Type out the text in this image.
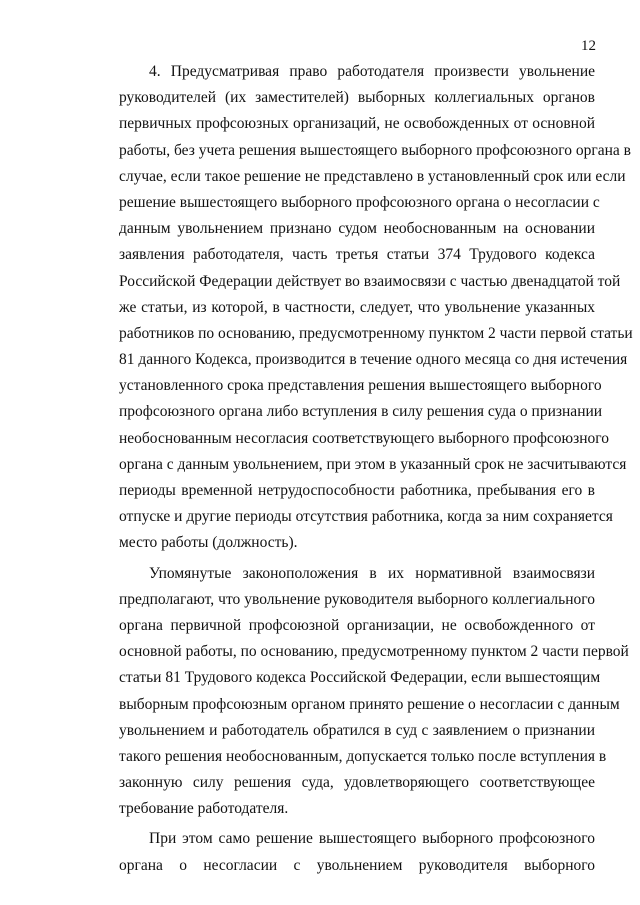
12
4. Предусматривая право работодателя произвести увольнение
руководителей (их заместителей) выборных коллегиальных органов
первичных профсоюзных организаций, не освобожденных от основной
работы, без учета решения вышестоящего выборного профсоюзного органа в
случае, если такое решение не представлено в установленный срок или если
решение вышестоящего выборного профсоюзного органа о несогласии с
данным увольнением признано судом необоснованным на основании
заявления работодателя, часть третья статьи 374 Трудового кодекса
Российской Федерации действует во взаимосвязи с частью двенадцатой той
же статьи, из которой, в частности, следует, что увольнение указанных
работников по основанию, предусмотренному пунктом 2 части первой статьи
81 данного Кодекса, производится в течение одного месяца со дня истечения
установленного срока представления решения вышестоящего выборного
профсоюзного органа либо вступления в силу решения суда о признании
необоснованным несогласия соответствующего выборного профсоюзного
органа с данным увольнением, при этом в указанный срок не засчитываются
периоды временной нетрудоспособности работника, пребывания его в
отпуске и другие периоды отсутствия работника, когда за ним сохраняется
место работы (должность).
Упомянутые законоположения в их нормативной взаимосвязи
предполагают, что увольнение руководителя выборного коллегиального
органа первичной профсоюзной организации, не освобожденного от
основной работы, по основанию, предусмотренному пунктом 2 части первой
статьи 81 Трудового кодекса Российской Федерации, если вышестоящим
выборным профсоюзным органом принято решение о несогласии с данным
увольнением и работодатель обратился в суд с заявлением о признании
такого решения необоснованным, допускается только после вступления в
законную силу решения суда, удовлетворяющего соответствующее
требование работодателя.
При этом само решение вышестоящего выборного профсоюзного
органа о несогласии с увольнением руководителя выборного
